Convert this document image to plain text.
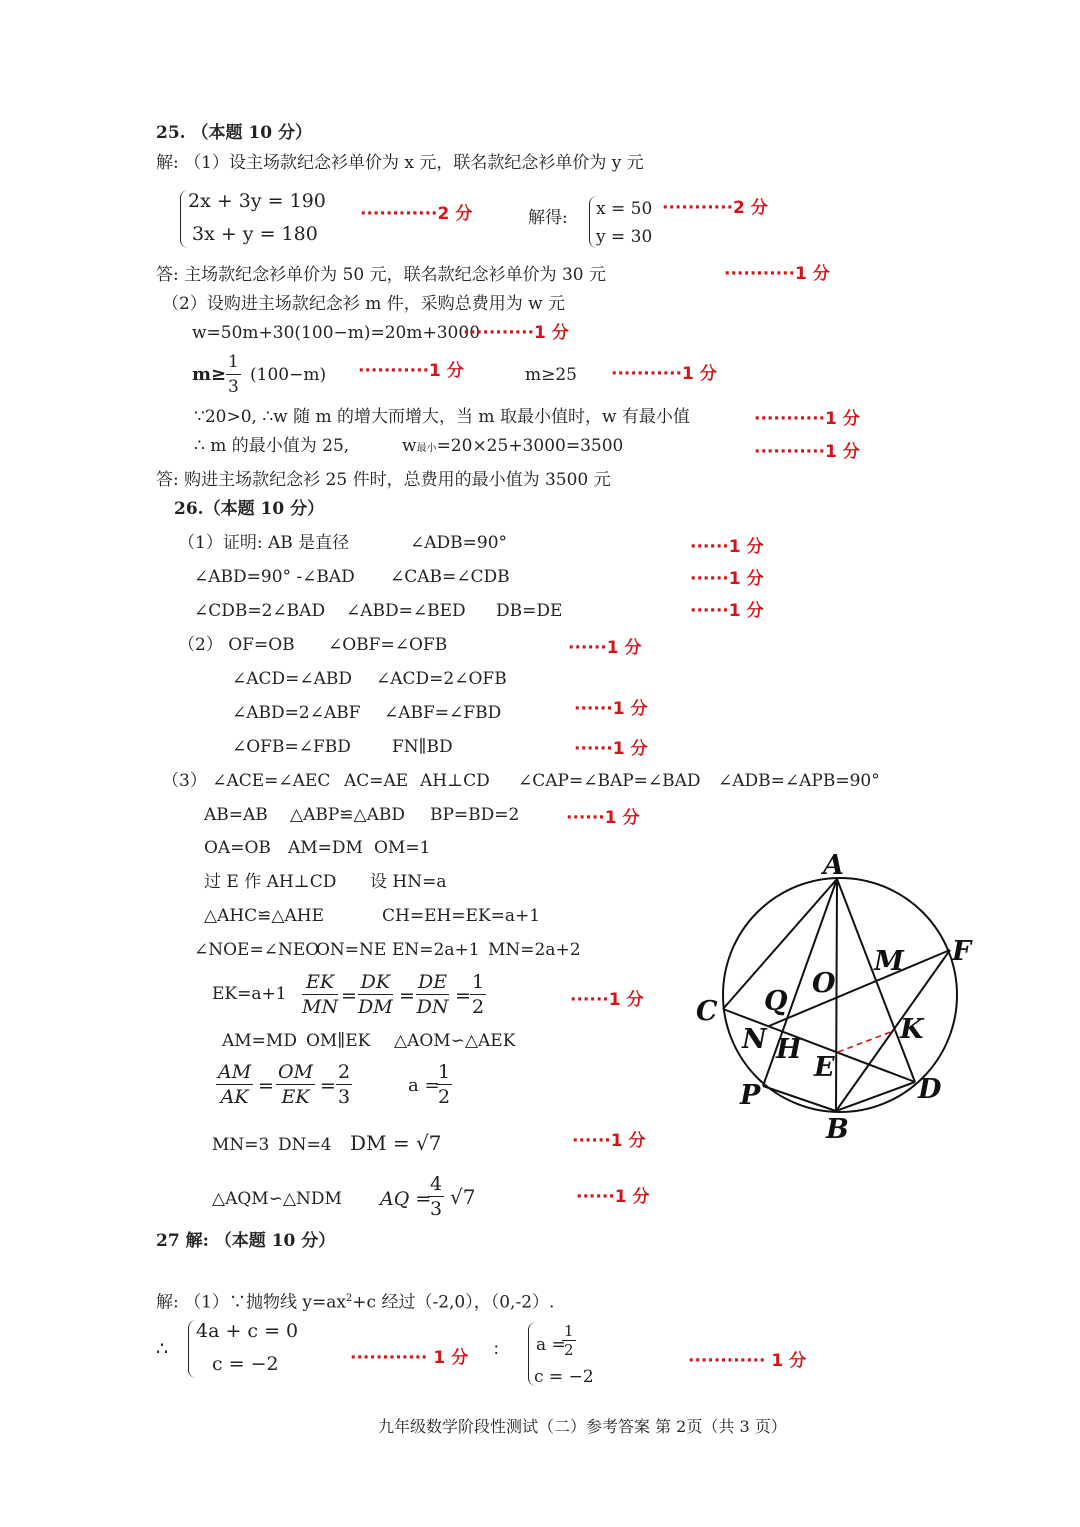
25. （本题 10 分）
解: （1）设主场款纪念衫单价为 x 元，联名款纪念衫单价为 y 元
2x + 3y = 190
3x + y = 180
············2 分	解得: x = 50
y = 30
···········2 分
答: 主场款纪念衫单价为 50 元，联名款纪念衫单价为 30 元	···········1 分
（2）设购进主场款纪念衫 m 件，采购总费用为 w 元
w=50m+30(100−m)=20m+3000
···········1 分
$m\ge \frac{1}{3} (100-m) \cdot\cdot\cdot\cdot\cdot\cdot\cdot\cdot\cdot\cdot\cdot 1$ 分	m≥25 ···········1 分
∵20>0, ∴w 随 m 的增大而增大，当 m 取最小值时，w 有最小值	···········1 分
∴ m 的最小值为 25,	w最小=20×25+3000=3500	···········1 分
答: 购进主场款纪念衫 25 件时，总费用的最小值为 3500 元
26.（本题 10 分）
（1）证明: AB 是直径	∠ADB=90°	······1 分
∠ABD=90° -∠BAD ∠CAB=∠CDB	······1 分
∠CDB=2∠BAD ∠ABD=∠BED DB=DE	······1 分
（2） OF=OB ∠OBF=∠OFB	······1 分
∠ACD=∠ABD ∠ACD=2∠OFB
∠ABD=2∠ABF ∠ABF=∠FBD	······1 分
∠OFB=∠FBD FN∥BD	······1 分
（3） ∠ACE=∠AEC AC=AE AH⊥CD ∠CAP=∠BAP=∠BAD ∠ADB=∠APB=90°
AB=AB △ABP≌△ABD BP=BD=2	······1 分
OA=OB AM=DM OM=1
过 E 作 AH⊥CD 设 HN=a
△AHC≌△AHE	CH=EH=EK=a+1
∠NOE=∠NEO
ON=NE EN=2a+1 MN=2a+2
$EK=a+1 \frac{EK}{MN} = \frac{DK}{DM} = \frac{DE}{DN} = \frac{1}{2}$	······1 分
AM=MD OM∥EK △AOM∽△AEK
$\frac{AM}{AK} = \frac{OM}{EK} = \frac{2}{3}$	a =
$\frac{1}{2}$
MN=3 DN=4 DM = √7	······1 分
△AQM∽△NDM AQ =
$\frac{4}{3} √7$	······1 分
A
F
M
O
C Q
N H
K
E
P	D
B
27 解: （本题 10 分）
解: （1）∵抛物线 $y=ax^2+c$ 经过（-2,0），（0,-2）.
∴
4a + c = 0
c = −2	············ 1 分 ∶ a =
$\frac{1}{2}$
c = −2
············ 1 分
九年级数学阶段性测试（二）参考答案 第 2页（共 3 页）
